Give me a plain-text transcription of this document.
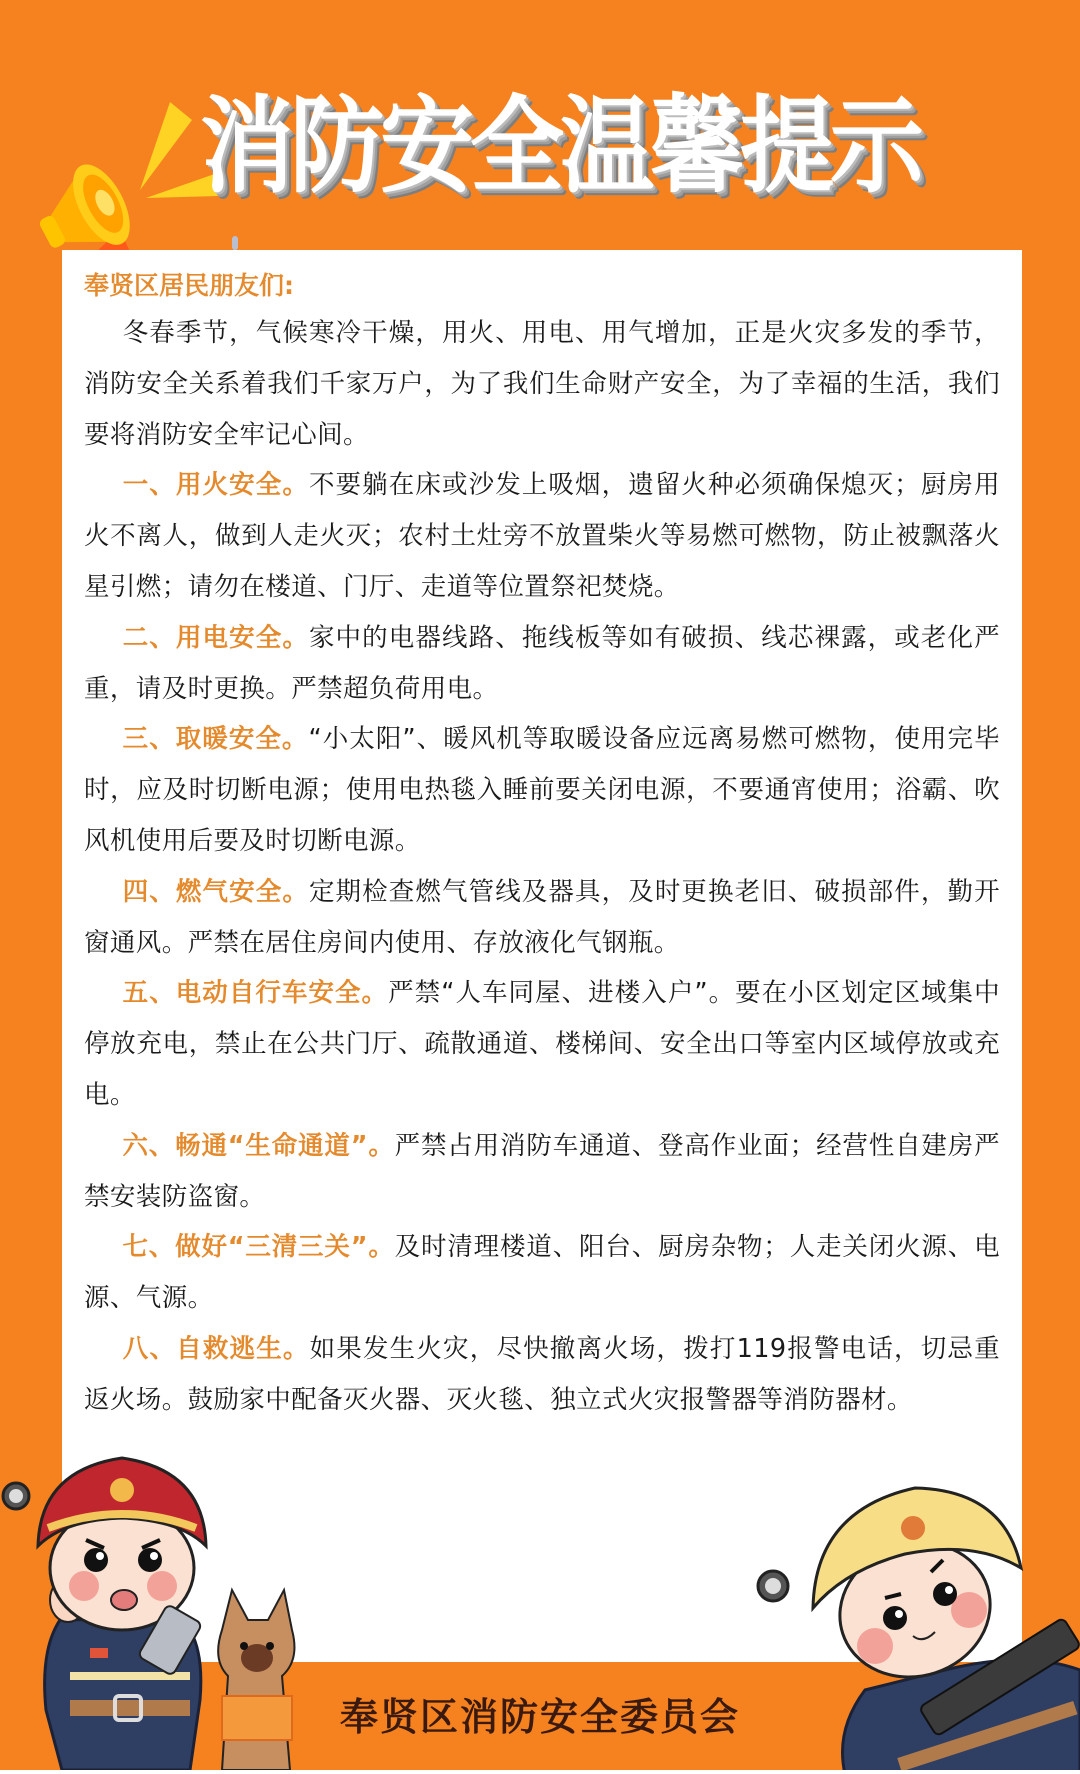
消防安全温馨提示
奉贤区居民朋友们:

冬春季节，气候寒冷干燥，用火、用电、用气增加，正是火灾多发的季节，消防安全关系着我们千家万户，为了我们生命财产安全，为了幸福的生活，我们要将消防安全牢记心间。

一、用火安全。不要躺在床或沙发上吸烟，遗留火种必须确保熄灭；厨房用火不离人，做到人走火灭；农村土灶旁不放置柴火等易燃可燃物，防止被飘落火星引燃；请勿在楼道、门厅、走道等位置祭祀焚烧。

二、用电安全。家中的电器线路、拖线板等如有破损、线芯裸露，或老化严重，请及时更换。严禁超负荷用电。

三、取暖安全。“小太阳”、暖风机等取暖设备应远离易燃可燃物，使用完毕时，应及时切断电源；使用电热毯入睡前要关闭电源，不要通宵使用；浴霸、吹风机使用后要及时切断电源。

四、燃气安全。定期检查燃气管线及器具，及时更换老旧、破损部件，勤开窗通风。严禁在居住房间内使用、存放液化气钢瓶。

五、电动自行车安全。严禁“人车同屋、进楼入户”。要在小区划定区域集中停放充电，禁止在公共门厅、疏散通道、楼梯间、安全出口等室内区域停放或充电。

六、畅通“生命通道”。严禁占用消防车通道、登高作业面；经营性自建房严禁安装防盗窗。

七、做好“三清三关”。及时清理楼道、阳台、厨房杂物；人走关闭火源、电源、气源。

八、自救逃生。如果发生火灾，尽快撤离火场，拨打119报警电话，切忌重返火场。鼓励家中配备灭火器、灭火毯、独立式火灾报警器等消防器材。

奉贤区消防安全委员会
